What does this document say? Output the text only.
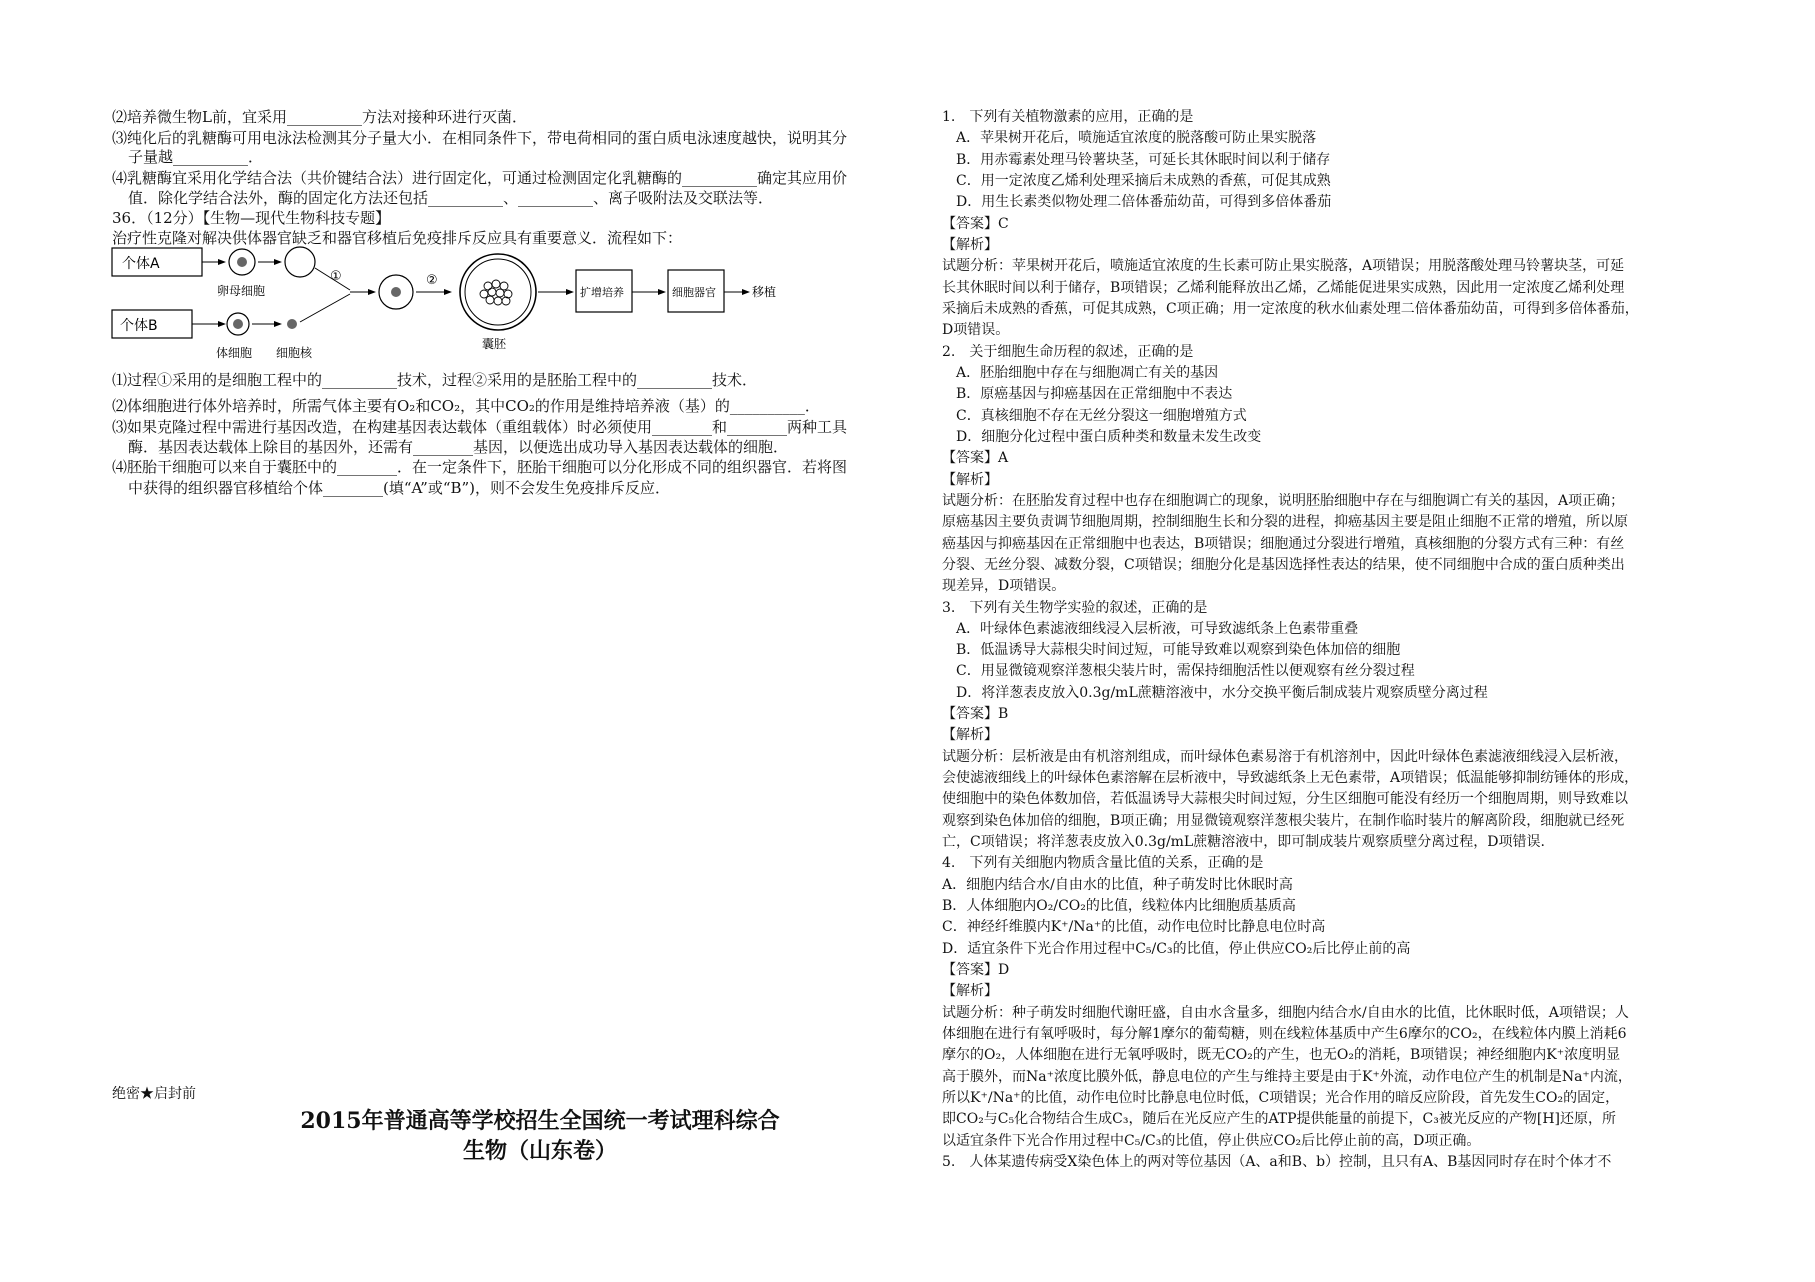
⑵培养微生物L前，宜采用__________方法对接种环进行灭菌．
⑶纯化后的乳糖酶可用电泳法检测其分子量大小．在相同条件下，带电荷相同的蛋白质电泳速度越快，说明其分
子量越__________．
⑷乳糖酶宜采用化学结合法（共价键结合法）进行固定化，可通过检测固定化乳糖酶的__________确定其应用价
值．除化学结合法外，酶的固定化方法还包括__________、__________、离子吸附法及交联法等．
36．（12分）【生物—现代生物科技专题】
治疗性克隆对解决供体器官缺乏和器官移植后免疫排斥反应具有重要意义．流程如下：
个体A
个体B
卵母细胞
体细胞 细胞核
①	②
囊胚
扩增培养	细胞器官	移植
⑴过程①采用的是细胞工程中的__________技术，过程②采用的是胚胎工程中的__________技术．
⑵体细胞进行体外培养时，所需气体主要有O₂和CO₂，其中CO₂的作用是维持培养液（基）的__________．
⑶如果克隆过程中需进行基因改造，在构建基因表达载体（重组载体）时必须使用________和________两种工具
酶．基因表达载体上除目的基因外，还需有________基因，以便选出成功导入基因表达载体的细胞．
⑷胚胎干细胞可以来自于囊胚中的________．在一定条件下，胚胎干细胞可以分化形成不同的组织器官．若将图
中获得的组织器官移植给个体________(填“A”或“B”)，则不会发生免疫排斥反应．
绝密★启封前
2015年普通高等学校招生全国统一考试理科综合
生物（山东卷）
1.　下列有关植物激素的应用，正确的是
　A．苹果树开花后，喷施适宜浓度的脱落酸可防止果实脱落
　B．用赤霉素处理马铃薯块茎，可延长其休眠时间以利于储存
　C．用一定浓度乙烯利处理采摘后未成熟的香蕉，可促其成熟
　D．用生长素类似物处理二倍体番茄幼苗，可得到多倍体番茄
【答案】C
【解析】
试题分析：苹果树开花后，喷施适宜浓度的生长素可防止果实脱落，A项错误；用脱落酸处理马铃薯块茎，可延
长其休眠时间以利于储存，B项错误；乙烯利能释放出乙烯，乙烯能促进果实成熟，因此用一定浓度乙烯利处理
采摘后未成熟的香蕉，可促其成熟，C项正确；用一定浓度的秋水仙素处理二倍体番茄幼苗，可得到多倍体番茄，
D项错误。
2.　关于细胞生命历程的叙述，正确的是
　A．胚胎细胞中存在与细胞凋亡有关的基因
　B．原癌基因与抑癌基因在正常细胞中不表达
　C．真核细胞不存在无丝分裂这一细胞增殖方式
　D．细胞分化过程中蛋白质种类和数量未发生改变
【答案】A
【解析】
试题分析：在胚胎发育过程中也存在细胞调亡的现象，说明胚胎细胞中存在与细胞调亡有关的基因，A项正确；
原癌基因主要负责调节细胞周期，控制细胞生长和分裂的进程，抑癌基因主要是阻止细胞不正常的增殖，所以原
癌基因与抑癌基因在正常细胞中也表达，B项错误；细胞通过分裂进行增殖，真核细胞的分裂方式有三种：有丝
分裂、无丝分裂、减数分裂，C项错误；细胞分化是基因选择性表达的结果，使不同细胞中合成的蛋白质种类出
现差异，D项错误。
3.　下列有关生物学实验的叙述，正确的是
　A．叶绿体色素滤液细线浸入层析液，可导致滤纸条上色素带重叠
　B．低温诱导大蒜根尖时间过短，可能导致难以观察到染色体加倍的细胞
　C．用显微镜观察洋葱根尖装片时，需保持细胞活性以便观察有丝分裂过程
　D．将洋葱表皮放入0.3g/mL蔗糖溶液中，水分交换平衡后制成装片观察质壁分离过程
【答案】B
【解析】
试题分析：层析液是由有机溶剂组成，而叶绿体色素易溶于有机溶剂中，因此叶绿体色素滤液细线浸入层析液，
会使滤液细线上的叶绿体色素溶解在层析液中，导致滤纸条上无色素带，A项错误；低温能够抑制纺锤体的形成，
使细胞中的染色体数加倍，若低温诱导大蒜根尖时间过短，分生区细胞可能没有经历一个细胞周期，则导致难以
观察到染色体加倍的细胞，B项正确；用显微镜观察洋葱根尖装片，在制作临时装片的解离阶段，细胞就已经死
亡，C项错误；将洋葱表皮放入0.3g/mL蔗糖溶液中，即可制成装片观察质壁分离过程，D项错误.
4.　下列有关细胞内物质含量比值的关系，正确的是
A．细胞内结合水/自由水的比值，种子萌发时比休眠时高
B．人体细胞内O₂/CO₂的比值，线粒体内比细胞质基质高
C．神经纤维膜内K⁺/Na⁺的比值，动作电位时比静息电位时高
D．适宜条件下光合作用过程中C₅/C₃的比值，停止供应CO₂后比停止前的高
【答案】D
【解析】
试题分析：种子萌发时细胞代谢旺盛，自由水含量多，细胞内结合水/自由水的比值，比休眠时低，A项错误；人
体细胞在进行有氧呼吸时，每分解1摩尔的葡萄糖，则在线粒体基质中产生6摩尔的CO₂，在线粒体内膜上消耗6
摩尔的O₂，人体细胞在进行无氧呼吸时，既无CO₂的产生，也无O₂的消耗，B项错误；神经细胞内K⁺浓度明显
高于膜外，而Na⁺浓度比膜外低，静息电位的产生与维持主要是由于K⁺外流，动作电位产生的机制是Na⁺内流，
所以K⁺/Na⁺的比值，动作电位时比静息电位时低，C项错误；光合作用的暗反应阶段，首先发生CO₂的固定，
即CO₂与C₅化合物结合生成C₃，随后在光反应产生的ATP提供能量的前提下，C₃被光反应的产物[H]还原，所
以适宜条件下光合作用过程中C₅/C₃的比值，停止供应CO₂后比停止前的高，D项正确。
5.　人体某遗传病受X染色体上的两对等位基因（A、a和B、b）控制，且只有A、B基因同时存在时个体才不
